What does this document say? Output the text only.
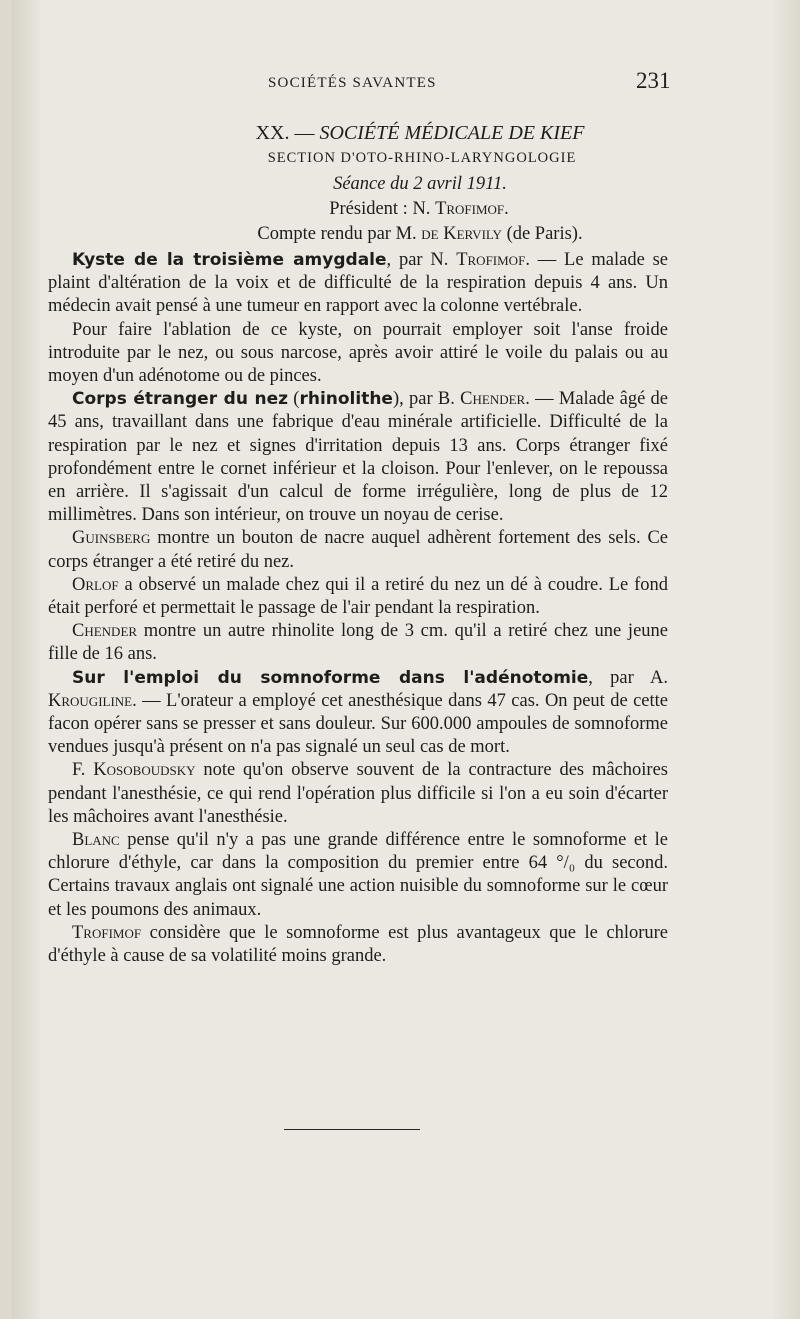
SOCIÉTÉS SAVANTES	231
XX. — SOCIÉTÉ MÉDICALE DE KIEF
SECTION D'OTO-RHINO-LARYNGOLOGIE
Séance du 2 avril 1911.
Président : N. Trofimof.
Compte rendu par M. de Kervily (de Paris).

Kyste de la troisième amygdale, par N. Trofimof. — Le malade se plaint d'altération de la voix et de difficulté de la respiration depuis 4 ans. Un médecin avait pensé à une tumeur en rapport avec la colonne vertébrale.

Pour faire l'ablation de ce kyste, on pourrait employer soit l'anse froide introduite par le nez, ou sous narcose, après avoir attiré le voile du palais ou au moyen d'un adénotome ou de pinces.

Corps étranger du nez (rhinolithe), par B. Chender. — Malade âgé de 45 ans, travaillant dans une fabrique d'eau minérale artificielle. Difficulté de la respiration par le nez et signes d'irritation depuis 13 ans. Corps étranger fixé profondément entre le cornet inférieur et la cloison. Pour l'enlever, on le repoussa en arrière. Il s'agissait d'un calcul de forme irrégulière, long de plus de 12 millimètres. Dans son intérieur, on trouve un noyau de cerise.

Guinsberg montre un bouton de nacre auquel adhèrent fortement des sels. Ce corps étranger a été retiré du nez.

Orlof a observé un malade chez qui il a retiré du nez un dé à coudre. Le fond était perforé et permettait le passage de l'air pendant la respiration.

Chender montre un autre rhinolite long de 3 cm. qu'il a retiré chez une jeune fille de 16 ans.

Sur l'emploi du somnoforme dans l'adénotomie, par A. Krougiline. — L'orateur a employé cet anesthésique dans 47 cas. On peut de cette facon opérer sans se presser et sans douleur. Sur 600.000 ampoules de somnoforme vendues jusqu'à présent on n'a pas signalé un seul cas de mort.

F. Kosoboudsky note qu'on observe souvent de la contracture des mâchoires pendant l'anesthésie, ce qui rend l'opération plus difficile si l'on a eu soin d'écarter les mâchoires avant l'anesthésie.

Blanc pense qu'il n'y a pas une grande différence entre le somnoforme et le chlorure d'éthyle, car dans la composition du premier entre 64 °/₀ du second. Certains travaux anglais ont signalé une action nuisible du somnoforme sur le cœur et les poumons des animaux.

Trofimof considère que le somnoforme est plus avantageux que le chlorure d'éthyle à cause de sa volatilité moins grande.
